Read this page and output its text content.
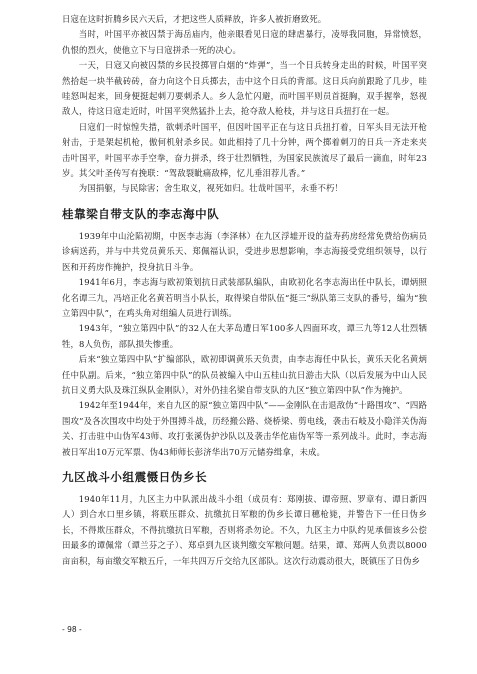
日寇在这时折腾乡民六天后，才把这些人质释放，许多人被折磨致死。

当时，叶国平亦被囚禁于海岳庙内，他亲眼看见日寇的肆虐暴行，凌辱我同胞，异常愤怒，仇恨的烈火，使他立下与日寇拼杀一死的决心。

一天，日寇又向被囚禁的乡民投掷冒白烟的“炸弹”，当一个日兵转身走出的时候，叶国平突然拾起一块半截砖砖，奋力向这个日兵掷去，击中这个日兵的背部。这日兵向前跟跄了几步，哇哇怒叫起来，回身便挺起刺刀要刺杀人。乡人急忙闪避，而叶国平则员首挺胸，双手握拳，怒视敌人，待这日寇走近时，叶国平突然猛扑上去，抢夺敌人枪枝，并与这日兵扭打在一起。

日寇们一时惊惶失措，欲刺杀叶国平，但因叶国平正在与这日兵扭打着，日军头目无法开枪射击，于是架起机枪，傲何机射杀乡民。如此相持了几十分钟，两个掷着刺刀的日兵一齐走来夹击叶国平，叶国平赤手空拳，奋力拼杀，终于壮烈牺牲，为国家民族流尽了最后一滴血，时年23岁。其父叶圣传写有挽联：“驾敌裂眦痛敌棒，忆儿垂泪荐儿香。”

为国捐躯，与民除害；舍生取义，视死如归。壮哉叶国平，永垂不朽！

桂靠梁自带支队的李志海中队

1939年中山沦陷初期，中医李志海（李泽林）在九区浮墟开设的益寿药房经常免费给伤病员诊病送药，并与中共党员黄乐天、郑佩福认识，受进步思想影响，李志海接受党组织领导，以行医和开药房作掩护，投身抗日斗争。

1941年6月，李志海与欧初策划抗日武装部队编队，由欧初化名李志海出任中队长，谭炳照化名谭三九，冯培正化名黄若明当小队长，取得梁自带队伍“挺三”纵队第三支队的番号，编为“独立第四中队”，在鸡头角对组编人员进行训练。

1943年，“独立第四中队”的32人在大茅岛遭日军100多人四面环攻，谭三九等12人壮烈牺牲，8人负伤，部队损失惨重。

后来“独立第四中队”扩编部队，欧初即调黄乐天负责，由李志海任中队长，黄乐天化名黄炳任中队副。后来，“独立第四中队”的队员被编入中山五桂山抗日游击大队（以后发展为中山人民抗日义勇大队及珠江纵队金刚队），对外仍挂名梁自带支队的九区“独立第四中队”作为掩护。

1942年至1944年，来自九区的原“独立第四中队”——金刚队在击退敌伪“十路围攻”、“四路围攻”及各次围攻中均处于外围搏斗战，历经搬公路、烧桥梁、剪电线，袭击石岐及小隐洋关伪海关、打击驻中山伪军43师、攻打张溪伪护沙队以及袭击华佗庙伪军等一系列战斗。此时，李志海被日军出10万元军票、伪43师师长彭济华出70万元储券缉拿，未成。

九区战斗小组震慑日伪乡长

1940年11月，九区主力中队派出战斗小组（成员有：郑刚拔、谭帝照、罗章有、谭日新四人）到合水口里乡镇，将联压群众、抗缴抗日军粮的伪乡长谭日穗枪毙，并警告下一任日伪乡长，不得欺压群众，不得抗缴抗日军粮，否则将杀勿论。不久，九区主力中队约见承佃该乡公偿田最多的谭佩常（谭兰芬之子）、郑卓到九区谈判缴交军粮问题。结果，谭、郑两人负责以8000亩亩积，每亩缴交军粮五斤，一年共四万斤交给九区部队。这次行动震动很大，既镇压了日伪乡

- 98 -
